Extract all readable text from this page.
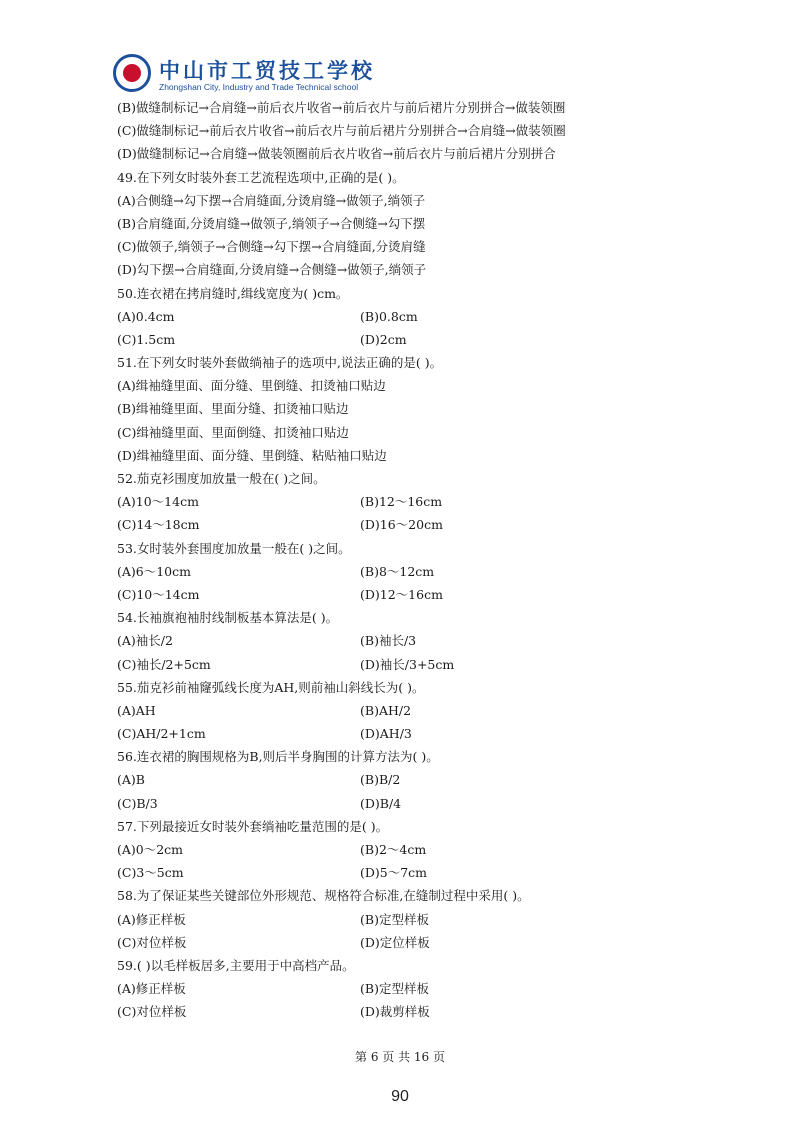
中山市工贸技工学校
Zhongshan City, Industry and Trade Technical school
(B)做缝制标记→合肩缝→前后衣片收省→前后衣片与前后裙片分别拼合→做装领圈
(C)做缝制标记→前后衣片收省→前后衣片与前后裙片分别拼合→合肩缝→做装领圈
(D)做缝制标记→合肩缝→做装领圈前后衣片收省→前后衣片与前后裙片分别拼合
49.在下列女时装外套工艺流程选项中,正确的是( )。
(A)合侧缝→勾下摆→合肩缝面,分烫肩缝→做领子,绱领子
(B)合肩缝面,分烫肩缝→做领子,绱领子→合侧缝→勾下摆
(C)做领子,绱领子→合侧缝→勾下摆→合肩缝面,分烫肩缝
(D)勾下摆→合肩缝面,分烫肩缝→合侧缝→做领子,绱领子
50.连衣裙在拷肩缝时,缉线宽度为( )cm。
(A)0.4cm	(B)0.8cm
(C)1.5cm	(D)2cm
51.在下列女时装外套做绱袖子的选项中,说法正确的是( )。
(A)缉袖缝里面、面分缝、里倒缝、扣烫袖口贴边
(B)缉袖缝里面、里面分缝、扣烫袖口贴边
(C)缉袖缝里面、里面倒缝、扣烫袖口贴边
(D)缉袖缝里面、面分缝、里倒缝、粘贴袖口贴边
52.茄克衫围度加放量一般在( )之间。
(A)10～14cm	(B)12～16cm
(C)14～18cm	(D)16～20cm
53.女时装外套围度加放量一般在( )之间。
(A)6～10cm	(B)8～12cm
(C)10～14cm	(D)12～16cm
54.长袖旗袍袖肘线制板基本算法是( )。
(A)袖长/2	(B)袖长/3
(C)袖长/2+5cm	(D)袖长/3+5cm
55.茄克衫前袖窿弧线长度为AH,则前袖山斜线长为( )。
(A)AH	(B)AH/2
(C)AH/2+1cm	(D)AH/3
56.连衣裙的胸围规格为B,则后半身胸围的计算方法为( )。
(A)B	(B)B/2
(C)B/3	(D)B/4
57.下列最接近女时装外套绱袖吃量范围的是( )。
(A)0～2cm	(B)2～4cm
(C)3～5cm	(D)5～7cm
58.为了保证某些关键部位外形规范、规格符合标准,在缝制过程中采用( )。
(A)修正样板	(B)定型样板
(C)对位样板	(D)定位样板
59.( )以毛样板居多,主要用于中高档产品。
(A)修正样板	(B)定型样板
(C)对位样板	(D)裁剪样板
第 6 页 共 16 页
90
